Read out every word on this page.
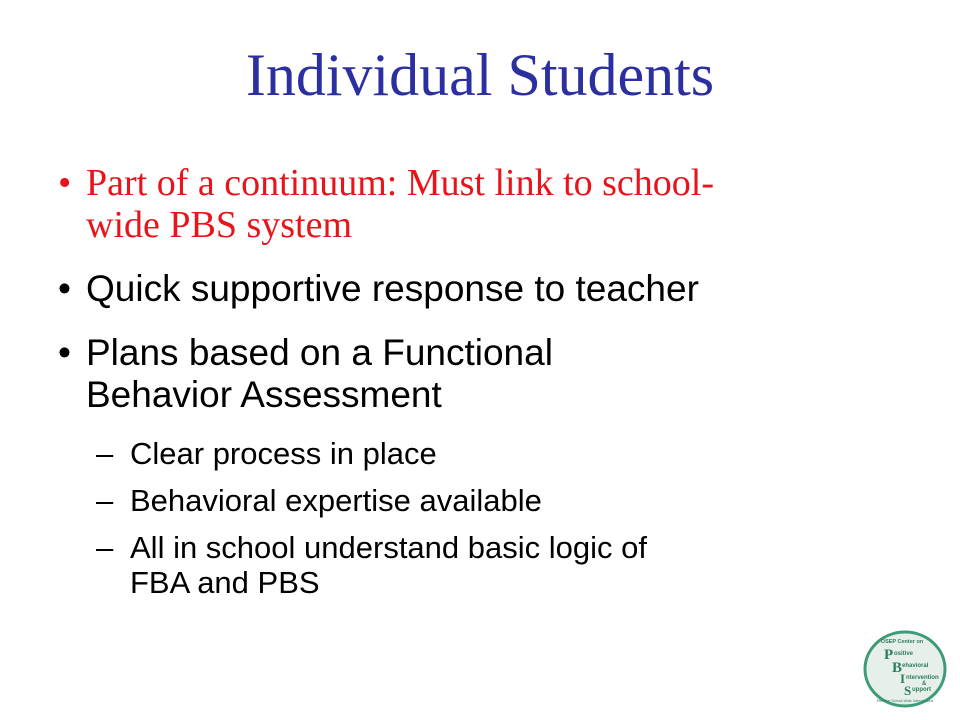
Individual Students
• Part of a continuum: Must link to school-
wide PBS system
• Quick supportive response to teacher
• Plans based on a Functional
Behavior Assessment
– Clear process in place
– Behavioral expertise available
– All in school understand basic logic of
FBA and PBS
OSEP Center on
P ositive
B ehavioral
I ntervention
&
S upport
Effective School-Wide Interventions
